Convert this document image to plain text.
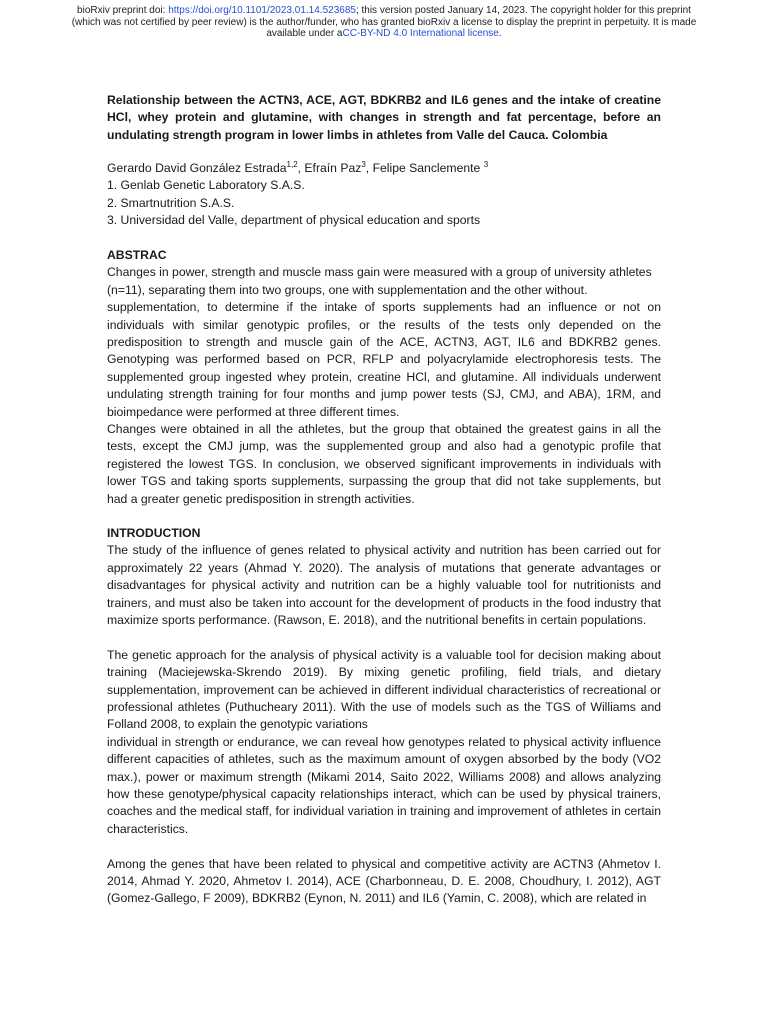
bioRxiv preprint doi: https://doi.org/10.1101/2023.01.14.523685; this version posted January 14, 2023. The copyright holder for this preprint
(which was not certified by peer review) is the author/funder, who has granted bioRxiv a license to display the preprint in perpetuity. It is made
available under aCC-BY-ND 4.0 International license.
Relationship between the ACTN3, ACE, AGT, BDKRB2 and IL6 genes and the intake of creatine HCl, whey protein and glutamine, with changes in strength and fat percentage, before an undulating strength program in lower limbs in athletes from Valle del Cauca. Colombia
Gerardo David González Estrada$^{1,2}$, Efraín Paz$^3$, Felipe Sanclemente $^3$
1. Genlab Genetic Laboratory S.A.S.
2. Smartnutrition S.A.S.
3. Universidad del Valle, department of physical education and sports
ABSTRAC
Changes in power, strength and muscle mass gain were measured with a group of university athletes
(n=11), separating them into two groups, one with supplementation and the other without.

supplementation, to determine if the intake of sports supplements had an influence or not on individuals with similar genotypic profiles, or the results of the tests only depended on the predisposition to strength and muscle gain of the ACE, ACTN3, AGT, IL6 and BDKRB2 genes. Genotyping was performed based on PCR, RFLP and polyacrylamide electrophoresis tests. The supplemented group ingested whey protein, creatine HCl, and glutamine. All individuals underwent undulating strength training for four months and jump power tests (SJ, CMJ, and ABA), 1RM, and bioimpedance were performed at three different times.

Changes were obtained in all the athletes, but the group that obtained the greatest gains in all the tests, except the CMJ jump, was the supplemented group and also had a genotypic profile that registered the lowest TGS. In conclusion, we observed significant improvements in individuals with lower TGS and taking sports supplements, surpassing the group that did not take supplements, but had a greater genetic predisposition in strength activities.

INTRODUCTION

The study of the influence of genes related to physical activity and nutrition has been carried out for approximately 22 years (Ahmad Y. 2020). The analysis of mutations that generate advantages or disadvantages for physical activity and nutrition can be a highly valuable tool for nutritionists and trainers, and must also be taken into account for the development of products in the food industry that maximize sports performance. (Rawson, E. 2018), and the nutritional benefits in certain populations.

The genetic approach for the analysis of physical activity is a valuable tool for decision making about training (Maciejewska-Skrendo 2019). By mixing genetic profiling, field trials, and dietary supplementation, improvement can be achieved in different individual characteristics of recreational or professional athletes (Puthucheary 2011). With the use of models such as the TGS of Williams and Folland 2008, to explain the genotypic variations

individual in strength or endurance, we can reveal how genotypes related to physical activity influence different capacities of athletes, such as the maximum amount of oxygen absorbed by the body (VO2 max.), power or maximum strength (Mikami 2014, Saito 2022, Williams 2008) and allows analyzing how these genotype/physical capacity relationships interact, which can be used by physical trainers, coaches and the medical staff, for individual variation in training and improvement of athletes in certain characteristics.

Among the genes that have been related to physical and competitive activity are ACTN3 (Ahmetov I. 2014, Ahmad Y. 2020, Ahmetov I. 2014), ACE (Charbonneau, D. E. 2008, Choudhury, I. 2012), AGT (Gomez-Gallego, F 2009), BDKRB2 (Eynon, N. 2011) and IL6 (Yamin, C. 2008), which are related in
